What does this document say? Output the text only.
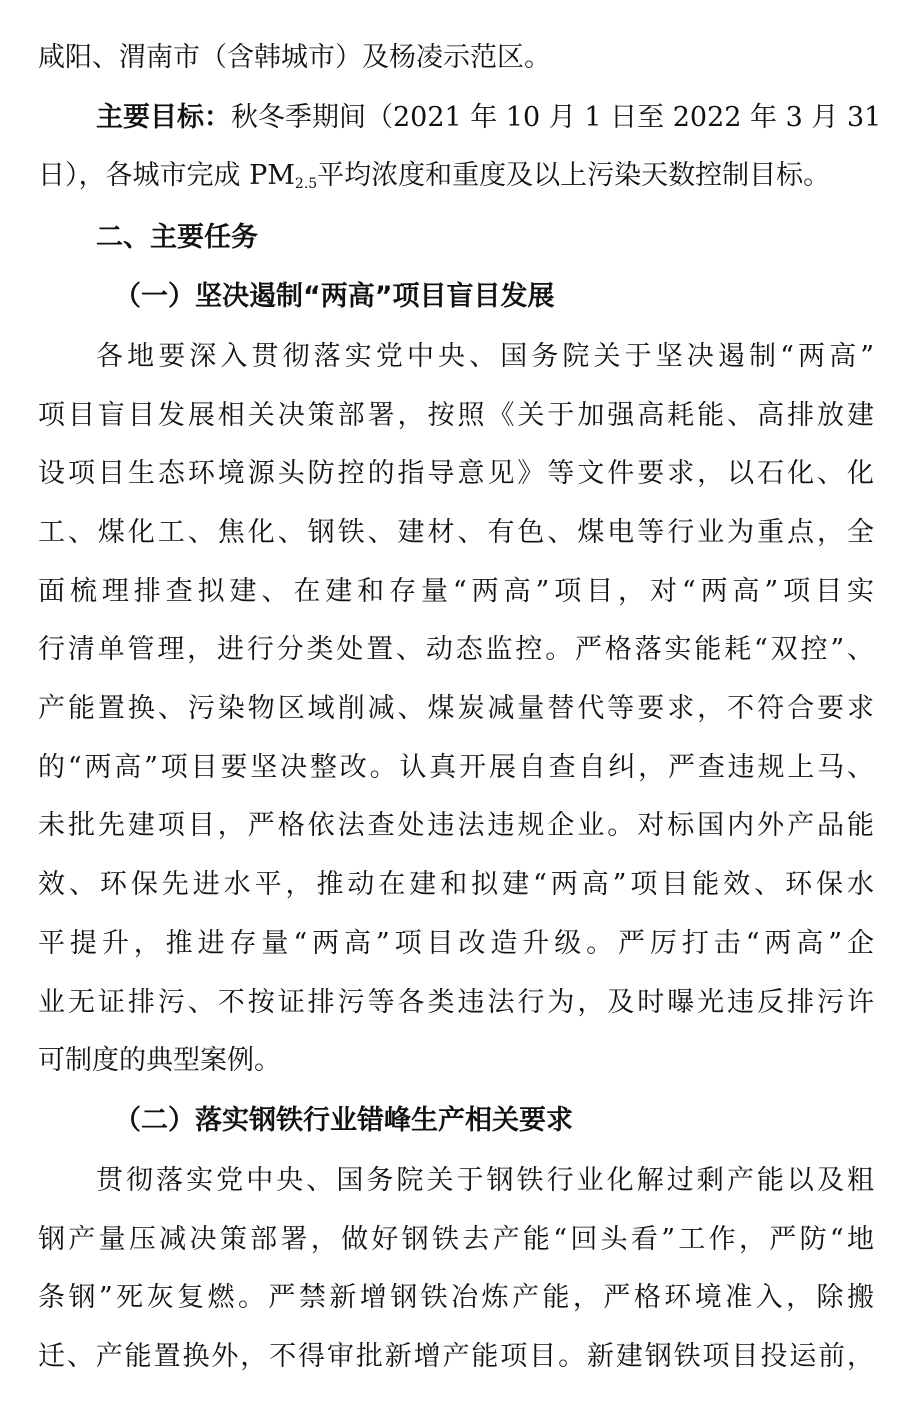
咸阳、渭南市（含韩城市）及杨凌示范区。
主要目标：秋冬季期间（2021 年 10 月 1 日至 2022 年 3 月 31
日），各城市完成 $PM_{2.5}$平均浓度和重度及以上污染天数控制目标。
二、主要任务
（一）坚决遏制“两高”项目盲目发展
各地要深入贯彻落实党中央、国务院关于坚决遏制“两高”
项目盲目发展相关决策部署，按照《关于加强高耗能、高排放建
设项目生态环境源头防控的指导意见》等文件要求，以石化、化
工、煤化工、焦化、钢铁、建材、有色、煤电等行业为重点，全
面梳理排查拟建、在建和存量“两高”项目，对“两高”项目实
行清单管理，进行分类处置、动态监控。严格落实能耗“双控”、
产能置换、污染物区域削减、煤炭减量替代等要求，不符合要求
的“两高”项目要坚决整改。认真开展自查自纠，严查违规上马、
未批先建项目，严格依法查处违法违规企业。对标国内外产品能
效、环保先进水平，推动在建和拟建“两高”项目能效、环保水
平提升，推进存量“两高”项目改造升级。严厉打击“两高”企
业无证排污、不按证排污等各类违法行为，及时曝光违反排污许
可制度的典型案例。
（二）落实钢铁行业错峰生产相关要求
贯彻落实党中央、国务院关于钢铁行业化解过剩产能以及粗
钢产量压减决策部署，做好钢铁去产能“回头看”工作，严防“地
条钢”死灰复燃。严禁新增钢铁冶炼产能，严格环境准入，除搬
迁、产能置换外，不得审批新增产能项目。新建钢铁项目投运前，
